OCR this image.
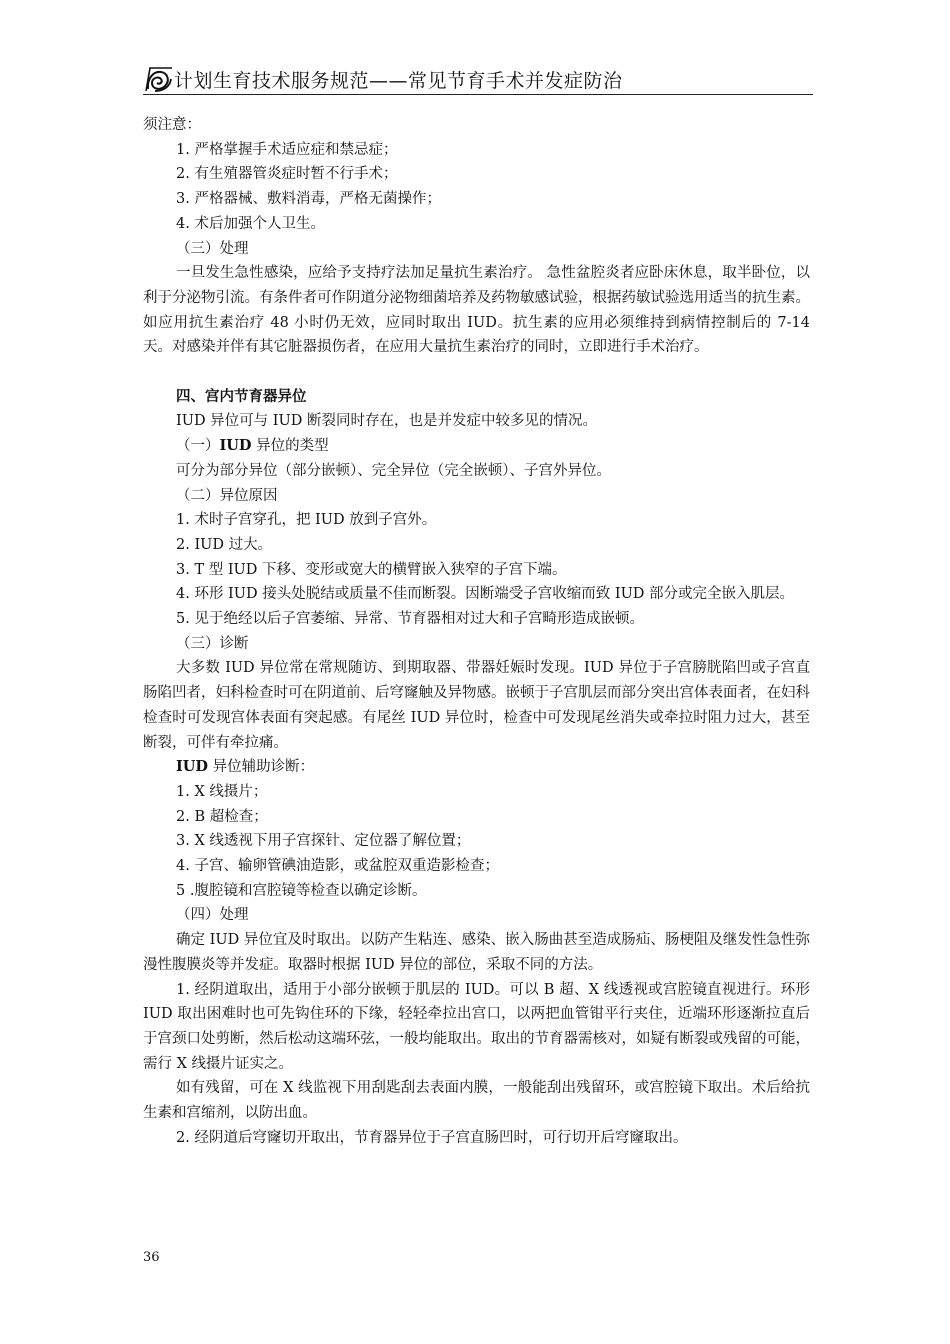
计划生育技术服务规范——常见节育手术并发症防治

须注意：

1. 严格掌握手术适应症和禁忌症；

2. 有生殖器管炎症时暂不行手术；

3. 严格器械、敷料消毒，严格无菌操作；

4. 术后加强个人卫生。

（三）处理

一旦发生急性感染，应给予支持疗法加足量抗生素治疗。 急性盆腔炎者应卧床休息，取半卧位，以利于分泌物引流。有条件者可作阴道分泌物细菌培养及药物敏感试验，根据药敏试验选用适当的抗生素。如应用抗生素治疗 48 小时仍无效，应同时取出 IUD。抗生素的应用必须维持到病情控制后的 7-14 天。对感染并伴有其它脏器损伤者，在应用大量抗生素治疗的同时，立即进行手术治疗。

四、宫内节育器异位

IUD 异位可与 IUD 断裂同时存在，也是并发症中较多见的情况。

（一）IUD 异位的类型

可分为部分异位（部分嵌顿）、完全异位（完全嵌顿）、子宫外异位。

（二）异位原因

1. 术时子宫穿孔，把 IUD 放到子宫外。

2. IUD 过大。

3. T 型 IUD 下移、变形或宽大的横臂嵌入狭窄的子宫下端。

4. 环形 IUD 接头处脱结或质量不佳而断裂。因断端受子宫收缩而致 IUD 部分或完全嵌入肌层。

5. 见于绝经以后子宫萎缩、异常、节育器相对过大和子宫畸形造成嵌顿。

（三）诊断

大多数 IUD 异位常在常规随访、到期取器、带器妊娠时发现。IUD 异位于子宫膀胱陷凹或子宫直肠陷凹者，妇科检查时可在阴道前、后穹窿触及异物感。嵌顿于子宫肌层而部分突出宫体表面者，在妇科检查时可发现宫体表面有突起感。有尾丝 IUD 异位时，检查中可发现尾丝消失或牵拉时阻力过大，甚至断裂，可伴有牵拉痛。

IUD 异位辅助诊断：

1. X 线摄片；

2. B 超检查；

3. X 线透视下用子宫探针、定位器了解位置；

4. 子宫、输卵管碘油造影，或盆腔双重造影检查；

5 .腹腔镜和宫腔镜等检查以确定诊断。

（四）处理

确定 IUD 异位宜及时取出。以防产生粘连、感染、嵌入肠曲甚至造成肠疝、肠梗阻及继发性急性弥漫性腹膜炎等并发症。取器时根据 IUD 异位的部位，采取不同的方法。

1. 经阴道取出，适用于小部分嵌顿于肌层的 IUD。可以 B 超、X 线透视或宫腔镜直视进行。环形 IUD 取出困难时也可先钩住环的下缘，轻轻牵拉出宫口，以两把血管钳平行夹住，近端环形逐渐拉直后于宫颈口处剪断，然后松动这端环弦，一般均能取出。取出的节育器需核对，如疑有断裂或残留的可能，需行 X 线摄片证实之。

如有残留，可在 X 线监视下用刮匙刮去表面内膜，一般能刮出残留环，或宫腔镜下取出。术后给抗生素和宫缩剂，以防出血。

2. 经阴道后穹窿切开取出，节育器异位于子宫直肠凹时，可行切开后穹窿取出。

36
